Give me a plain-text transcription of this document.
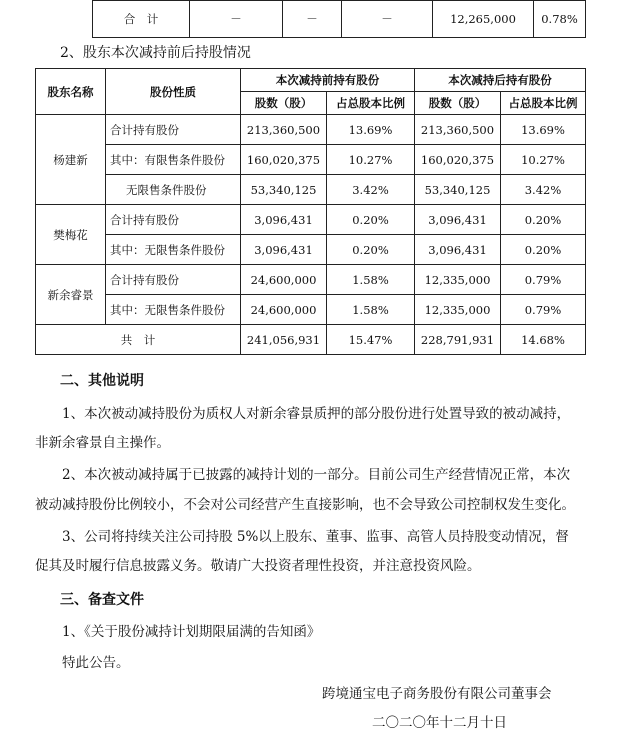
合　计	－	－	－	12,265,000	0.78%

2、股东本次减持前后持股情况

股东名称	股份性质	本次减持前持有股份		本次减持后持有股份	
		股数（股）	占总股本比例	股数（股）	占总股本比例
杨建新	合计持有股份	213,360,500	13.69%	213,360,500	13.69%
	其中：有限售条件股份	160,020,375	10.27%	160,020,375	10.27%
	无限售条件股份	53,340,125	3.42%	53,340,125	3.42%
樊梅花	合计持有股份	3,096,431	0.20%	3,096,431	0.20%
	其中：无限售条件股份	3,096,431	0.20%	3,096,431	0.20%
新余睿景	合计持有股份	24,600,000	1.58%	12,335,000	0.79%
	其中：无限售条件股份	24,600,000	1.58%	12,335,000	0.79%
共　计		241,056,931	15.47%	228,791,931	14.68%

二、其他说明

1、本次被动减持股份为质权人对新余睿景质押的部分股份进行处置导致的被动减持，

非新余睿景自主操作。

2、本次被动减持属于已披露的减持计划的一部分。目前公司生产经营情况正常，本次

被动减持股份比例较小，不会对公司经营产生直接影响，也不会导致公司控制权发生变化。

3、公司将持续关注公司持股 5%以上股东、董事、监事、高管人员持股变动情况，督

促其及时履行信息披露义务。敬请广大投资者理性投资，并注意投资风险。

三、备查文件

1、《关于股份减持计划期限届满的告知函》

特此公告。

跨境通宝电子商务股份有限公司董事会

二〇二〇年十二月十日
